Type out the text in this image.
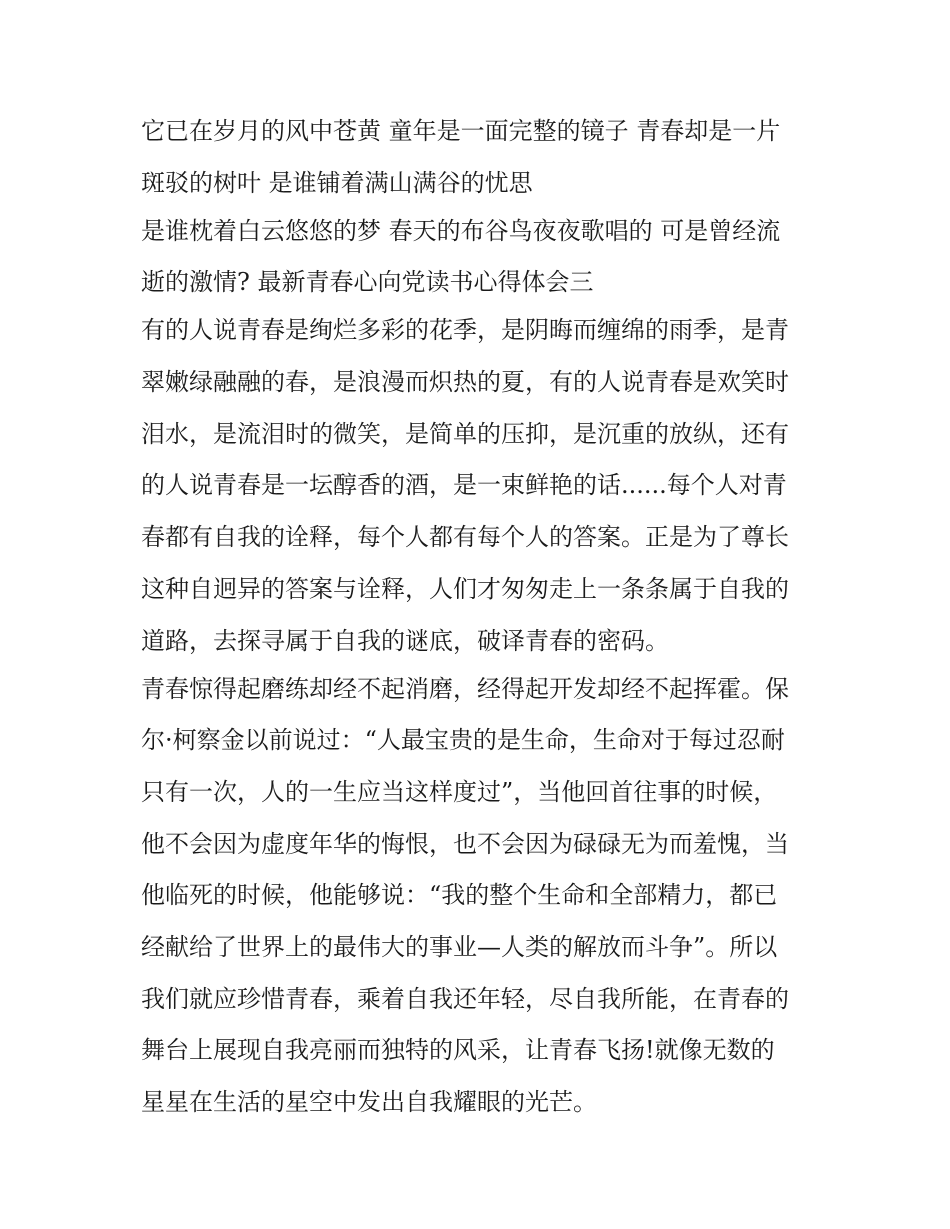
它已在岁月的风中苍黄 童年是一面完整的镜子 青春却是一片
斑驳的树叶 是谁铺着满山满谷的忧思
是谁枕着白云悠悠的梦 春天的布谷鸟夜夜歌唱的 可是曾经流
逝的激情? 最新青春心向党读书心得体会三
有的人说青春是绚烂多彩的花季，是阴晦而缠绵的雨季，是青
翠嫩绿融融的春，是浪漫而炽热的夏，有的人说青春是欢笑时
泪水，是流泪时的微笑，是简单的压抑，是沉重的放纵，还有
的人说青春是一坛醇香的酒，是一束鲜艳的话......每个人对青
春都有自我的诠释，每个人都有每个人的答案。正是为了尊长
这种自迥异的答案与诠释，人们才匆匆走上一条条属于自我的
道路，去探寻属于自我的谜底，破译青春的密码。
青春惊得起磨练却经不起消磨，经得起开发却经不起挥霍。保
尔·柯察金以前说过：“人最宝贵的是生命，生命对于每过忍耐
只有一次，人的一生应当这样度过”，当他回首往事的时候，
他不会因为虚度年华的悔恨，也不会因为碌碌无为而羞愧，当
他临死的时候，他能够说：“我的整个生命和全部精力，都已
经献给了世界上的最伟大的事业—人类的解放而斗争”。所以
我们就应珍惜青春，乘着自我还年轻，尽自我所能，在青春的
舞台上展现自我亮丽而独特的风采，让青春飞扬!就像无数的
星星在生活的星空中发出自我耀眼的光芒。
